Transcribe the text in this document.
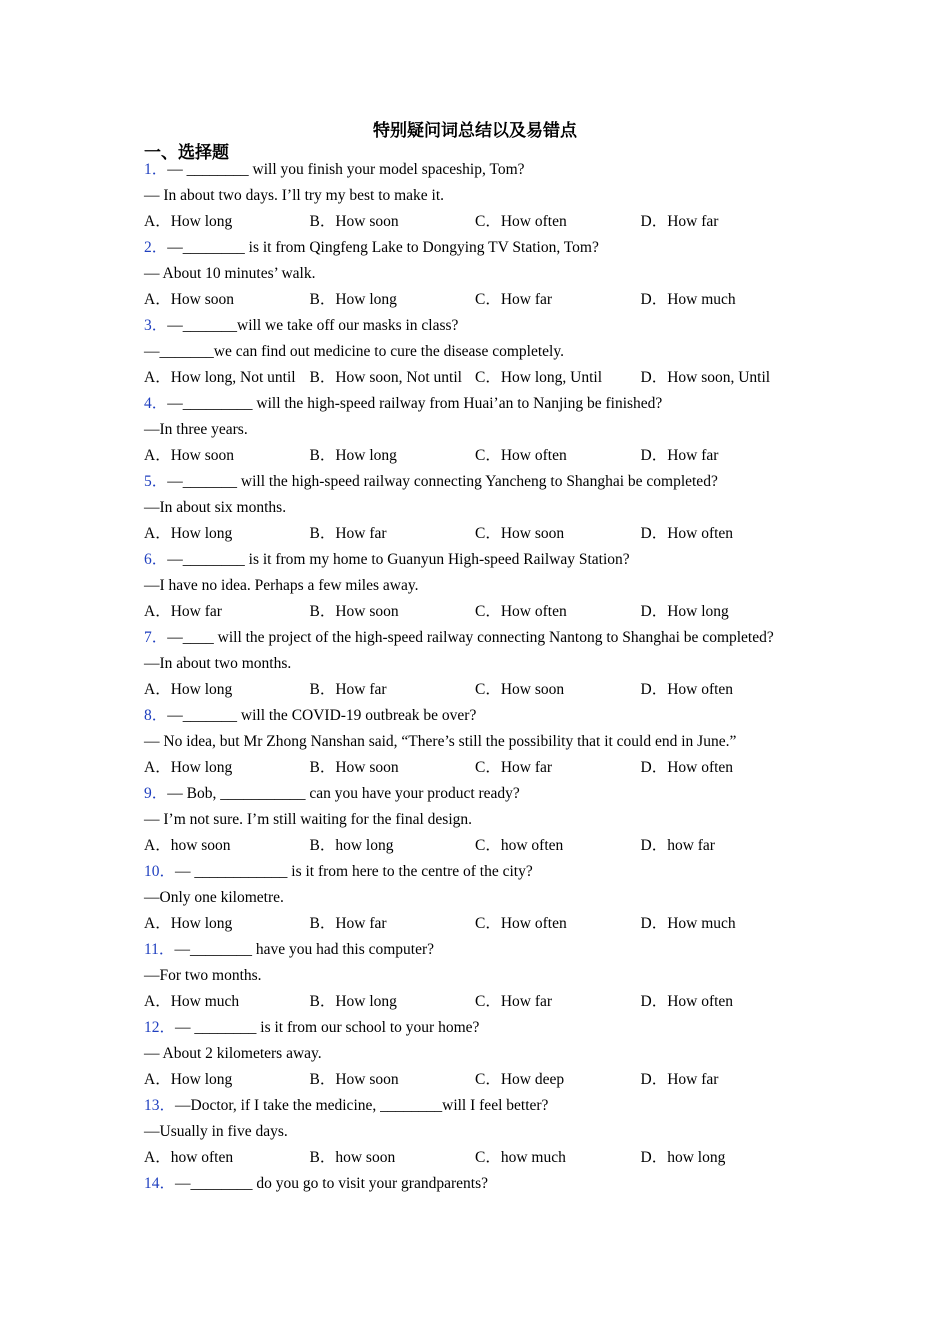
特别疑问词总结以及易错点
一、选择题
1．— ________ will you finish your model spaceship, Tom?
— In about two days. I’ll try my best to make it.
A．How long	B．How soon	C．How often	D．How far
2．—________ is it from Qingfeng Lake to Dongying TV Station, Tom?
— About 10 minutes’ walk.
A．How soon	B．How long	C．How far	D．How much
3．—_______will we take off our masks in class?
—_______we can find out medicine to cure the disease completely.
A．How long, Not until B．How soon, Not until C．How long, Until	D．How soon, Until
4．—_________ will the high-speed railway from Huai’an to Nanjing be finished?
—In three years.
A．How soon	B．How long	C．How often	D．How far
5．—_______ will the high-speed railway connecting Yancheng to Shanghai be completed?
—In about six months.
A．How long	B．How far	C．How soon	D．How often
6．—________ is it from my home to Guanyun High-speed Railway Station?
—I have no idea. Perhaps a few miles away.
A．How far	B．How soon	C．How often	D．How long
7．—____ will the project of the high-speed railway connecting Nantong to Shanghai be completed?
—In about two months.
A．How long	B．How far	C．How soon	D．How often
8．—_______ will the COVID-19 outbreak be over?
— No idea, but Mr Zhong Nanshan said, “There’s still the possibility that it could end in June.”
A．How long	B．How soon	C．How far	D．How often
9．— Bob, ___________ can you have your product ready?
— I’m not sure. I’m still waiting for the final design.
A．how soon	B．how long	C．how often	D．how far
10．— ____________ is it from here to the centre of the city?
—Only one kilometre.
A．How long	B．How far	C．How often	D．How much
11．—________ have you had this computer?
—For two months.
A．How much	B．How long	C．How far	D．How often
12．— ________ is it from our school to your home?
— About 2 kilometers away.
A．How long	B．How soon	C．How deep	D．How far
13．—Doctor, if I take the medicine, ________will I feel better?
—Usually in five days.
A．how often	B．how soon	C．how much	D．how long
14．—________ do you go to visit your grandparents?
